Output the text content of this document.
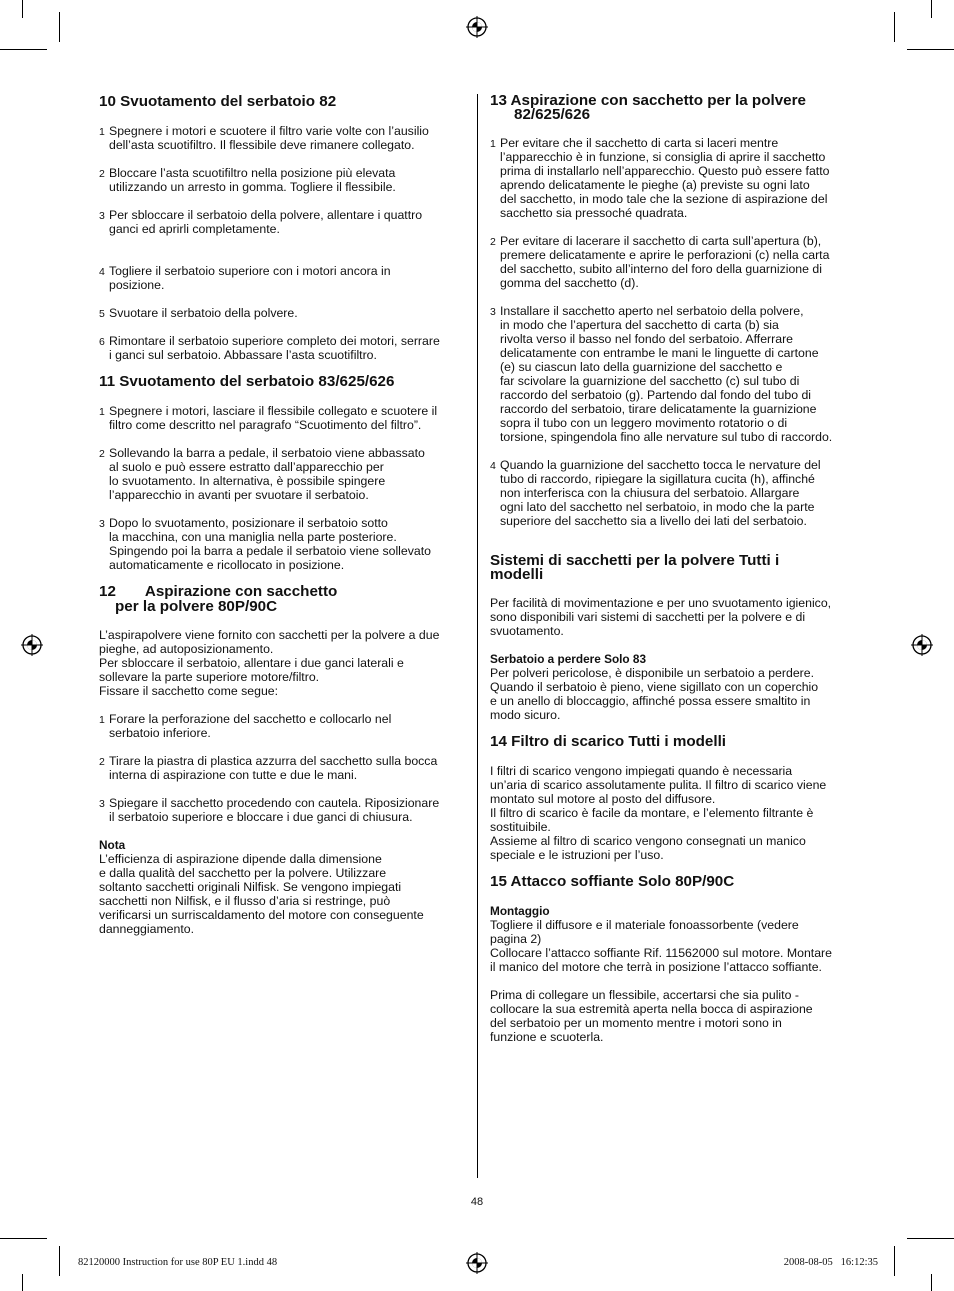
10 Svuotamento del serbatoio 82
1 Spegnere i motori e scuotere il filtro varie volte con l’ausilio
dell’asta scuotifiltro. Il flessibile deve rimanere collegato.
2 Bloccare l’asta scuotifiltro nella posizione più elevata
utilizzando un arresto in gomma. Togliere il flessibile.
3 Per sbloccare il serbatoio della polvere, allentare i quattro
ganci ed aprirli completamente.
4 Togliere il serbatoio superiore con i motori ancora in
posizione.
5 Svuotare il serbatoio della polvere.
6 Rimontare il serbatoio superiore completo dei motori, serrare
i ganci sul serbatoio. Abbassare l’asta scuotifiltro.
11 Svuotamento del serbatoio 83/625/626
1 Spegnere i motori, lasciare il flessibile collegato e scuotere il
filtro come descritto nel paragrafo “Scuotimento del filtro”.
2 Sollevando la barra a pedale, il serbatoio viene abbassato
al suolo e può essere estratto dall’apparecchio per
lo svuotamento. In alternativa, è possibile spingere
l’apparecchio in avanti per svuotare il serbatoio.
3 Dopo lo svuotamento, posizionare il serbatoio sotto
la macchina, con una maniglia nella parte posteriore.
Spingendo poi la barra a pedale il serbatoio viene sollevato
automaticamente e ricollocato in posizione.
12       Aspirazione con sacchetto
per la polvere 80P/90C

L’aspirapolvere viene fornito con sacchetti per la polvere a due
pieghe, ad autoposizionamento.
Per sbloccare il serbatoio, allentare i due ganci laterali e
sollevare la parte superiore motore/filtro.
Fissare il sacchetto come segue:

1 Forare la perforazione del sacchetto e collocarlo nel
serbatoio inferiore.
2 Tirare la piastra di plastica azzurra del sacchetto sulla bocca
interna di aspirazione con tutte e due le mani.
3 Spiegare il sacchetto procedendo con cautela. Riposizionare
il serbatoio superiore e bloccare i due ganci di chiusura.
Nota

L’efficienza di aspirazione dipende dalla dimensione
e dalla qualità del sacchetto per la polvere. Utilizzare
soltanto sacchetti originali Nilfisk. Se vengono impiegati
sacchetti non Nilfisk, e il flusso d’aria si restringe, può
verificarsi un surriscaldamento del motore con conseguente
danneggiamento.

13 Aspirazione con sacchetto per la polvere
82/625/626
1 Per evitare che il sacchetto di carta si laceri mentre
l’apparecchio è in funzione, si consiglia di aprire il sacchetto
prima di installarlo nell’apparecchio. Questo può essere fatto
aprendo delicatamente le pieghe (a) previste su ogni lato
del sacchetto, in modo tale che la sezione di aspirazione del
sacchetto sia pressoché quadrata.
2 Per evitare di lacerare il sacchetto di carta sull’apertura (b),
premere delicatamente e aprire le perforazioni (c) nella carta
del sacchetto, subito all’interno del foro della guarnizione di
gomma del sacchetto (d).
3 Installare il sacchetto aperto nel serbatoio della polvere,
in modo che l’apertura del sacchetto di carta (b) sia
rivolta verso il basso nel fondo del serbatoio. Afferrare
delicatamente con entrambe le mani le linguette di cartone
(e) su ciascun lato della guarnizione del sacchetto e
far scivolare la guarnizione del sacchetto (c) sul tubo di
raccordo del serbatoio (g). Partendo dal fondo del tubo di
raccordo del serbatoio, tirare delicatamente la guarnizione
sopra il tubo con un leggero movimento rotatorio o di
torsione, spingendola fino alle nervature sul tubo di raccordo.
4 Quando la guarnizione del sacchetto tocca le nervature del
tubo di raccordo, ripiegare la sigillatura cucita (h), affinché
non interferisca con la chiusura del serbatoio. Allargare
ogni lato del sacchetto nel serbatoio, in modo che la parte
superiore del sacchetto sia a livello dei lati del serbatoio.
Sistemi di sacchetti per la polvere Tutti i
modelli

Per facilità di movimentazione e per uno svuotamento igienico,
sono disponibili vari sistemi di sacchetti per la polvere e di
svuotamento.

Serbatoio a perdere Solo 83

Per polveri pericolose, è disponibile un serbatoio a perdere.
Quando il serbatoio è pieno, viene sigillato con un coperchio
e un anello di bloccaggio, affinché possa essere smaltito in
modo sicuro.

14 Filtro di scarico Tutti i modelli

I filtri di scarico vengono impiegati quando è necessaria
un’aria di scarico assolutamente pulita. Il filtro di scarico viene
montato sul motore al posto del diffusore.
Il filtro di scarico è facile da montare, e l’elemento filtrante è
sostituibile.
Assieme al filtro di scarico vengono consegnati un manico
speciale e le istruzioni per l’uso.

15 Attacco soffiante Solo 80P/90C
Montaggio

Togliere il diffusore e il materiale fonoassorbente (vedere
pagina 2)
Collocare l’attacco soffiante Rif. 11562000 sul motore. Montare
il manico del motore che terrà in posizione l’attacco soffiante.

Prima di collegare un flessibile, accertarsi che sia pulito -
collocare la sua estremità aperta nella bocca di aspirazione
del serbatoio per un momento mentre i motori sono in
funzione e scuoterla.

48
82120000 Instruction for use 80P EU 1.indd 48	2008-08-05   16:12:35
